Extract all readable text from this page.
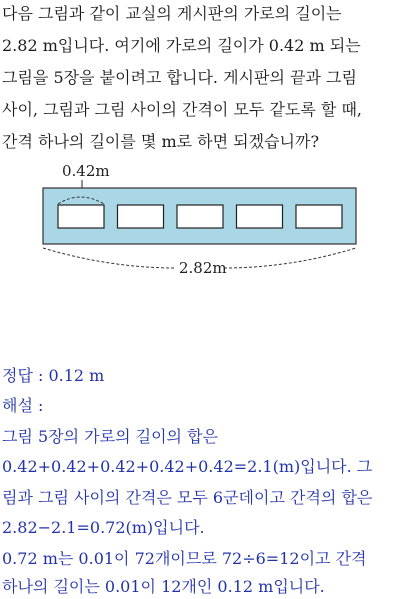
다음 그림과 같이 교실의 게시판의 가로의 길이는
2.82 m입니다. 여기에 가로의 길이가 0.42 m 되는
그림을 5장을 붙이려고 합니다. 게시판의 끝과 그림
사이, 그림과 그림 사이의 간격이 모두 같도록 할 때,
간격 하나의 길이를 몇 m로 하면 되겠습니까?
0.42m
2.82m
정답 : 0.12 m
해설 :
그림 5장의 가로의 길이의 합은
0.42+0.42+0.42+0.42+0.42=2.1(m)입니다. 그
림과 그림 사이의 간격은 모두 6군데이고 간격의 합은
2.82−2.1=0.72(m)입니다.
0.72 m는 0.01이 72개이므로 72÷6=12이고 간격
하나의 길이는 0.01이 12개인 0.12 m입니다.
